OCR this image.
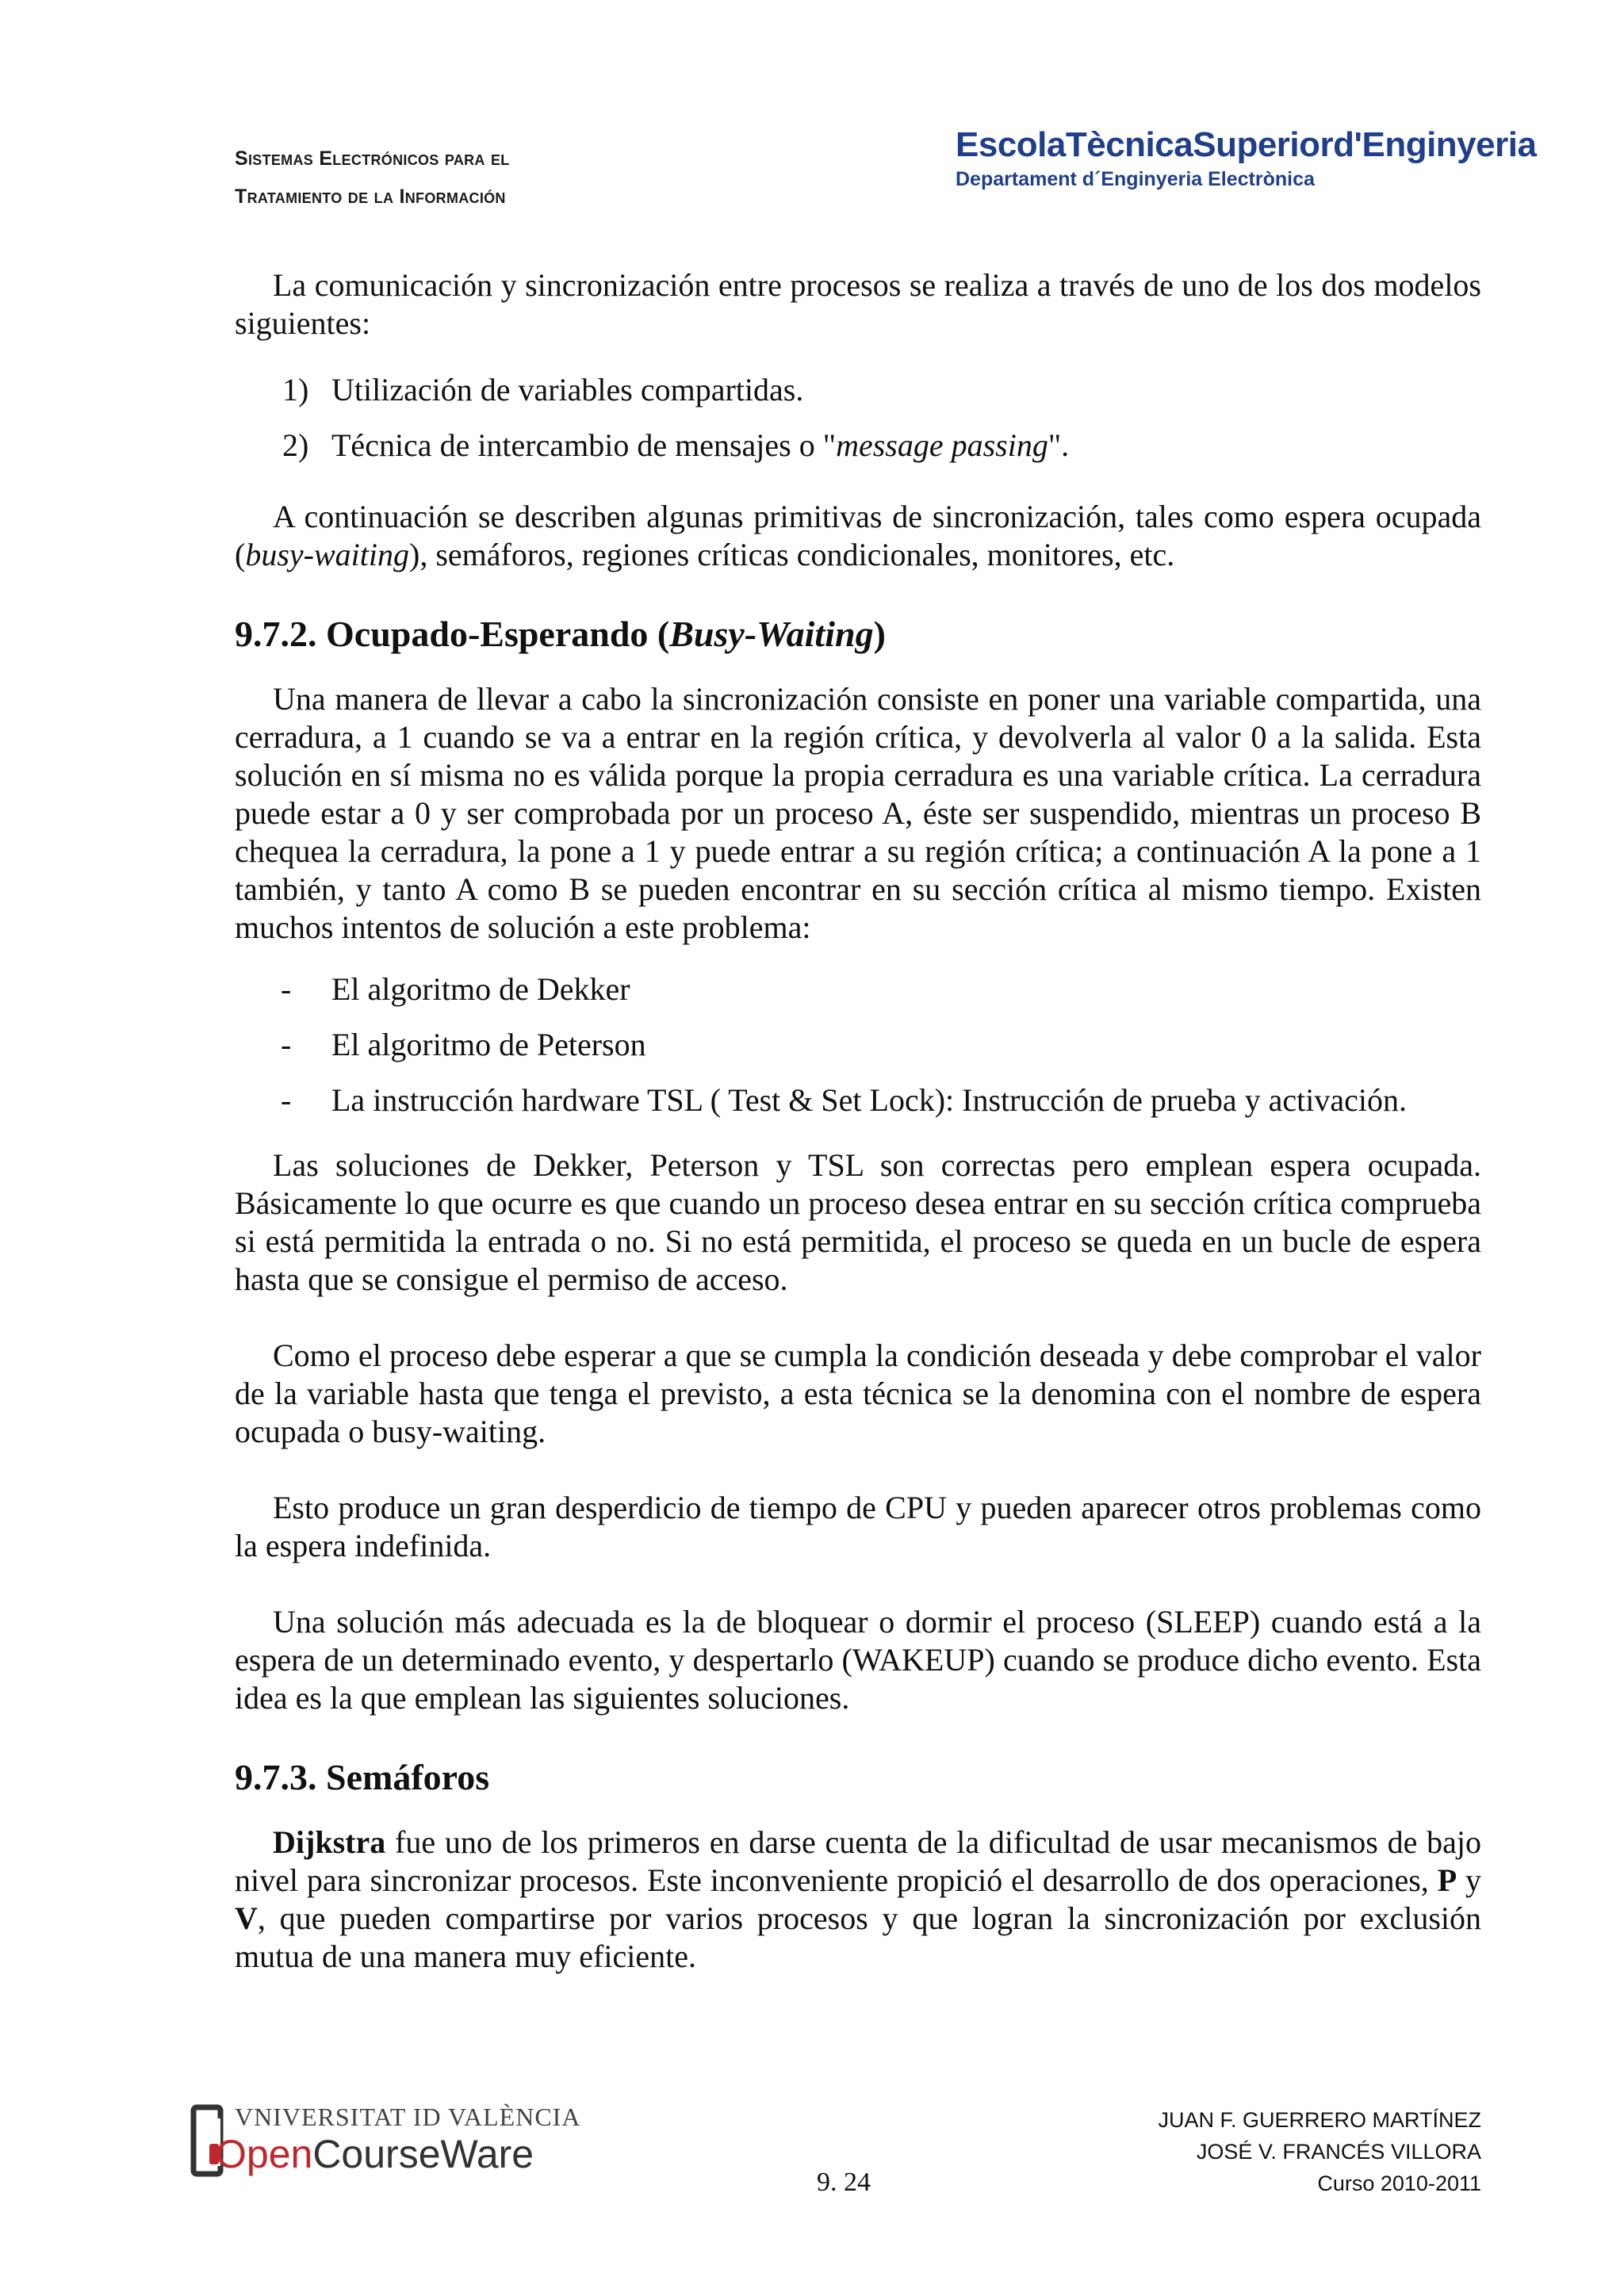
Sistemas Electrónicos para el
Tratamiento de la Información
EscolaTècnicaSuperiord'Enginyeria
Departament d´Enginyeria Electrònica

La comunicación y sincronización entre procesos se realiza a través de uno de los dos modelos siguientes:

1) Utilización de variables compartidas.
2) Técnica de intercambio de mensajes o "message passing".

A continuación se describen algunas primitivas de sincronización, tales como espera ocupada (busy-waiting), semáforos, regiones críticas condicionales, monitores, etc.

9.7.2. Ocupado-Esperando (Busy-Waiting)

Una manera de llevar a cabo la sincronización consiste en poner una variable compartida, una cerradura, a 1 cuando se va a entrar en la región crítica, y devolverla al valor 0 a la salida. Esta solución en sí misma no es válida porque la propia cerradura es una variable crítica. La cerradura puede estar a 0 y ser comprobada por un proceso A, éste ser suspendido, mientras un proceso B chequea la cerradura, la pone a 1 y puede entrar a su región crítica; a continuación A la pone a 1 también, y tanto A como B se pueden encontrar en su sección crítica al mismo tiempo. Existen muchos intentos de solución a este problema:

- El algoritmo de Dekker
- El algoritmo de Peterson
- La instrucción hardware TSL ( Test & Set Lock): Instrucción de prueba y activación.

Las soluciones de Dekker, Peterson y TSL son correctas pero emplean espera ocupada. Básicamente lo que ocurre es que cuando un proceso desea entrar en su sección crítica comprueba si está permitida la entrada o no. Si no está permitida, el proceso se queda en un bucle de espera hasta que se consigue el permiso de acceso.

Como el proceso debe esperar a que se cumpla la condición deseada y debe comprobar el valor de la variable hasta que tenga el previsto, a esta técnica se la denomina con el nombre de espera ocupada o busy-waiting.

Esto produce un gran desperdicio de tiempo de CPU y pueden aparecer otros problemas como la espera indefinida.

Una solución más adecuada es la de bloquear o dormir el proceso (SLEEP) cuando está a la espera de un determinado evento, y despertarlo (WAKEUP) cuando se produce dicho evento. Esta idea es la que emplean las siguientes soluciones.

9.7.3. Semáforos

Dijkstra fue uno de los primeros en darse cuenta de la dificultad de usar mecanismos de bajo nivel para sincronizar procesos. Este inconveniente propició el desarrollo de dos operaciones, P y V, que pueden compartirse por varios procesos y que logran la sincronización por exclusión mutua de una manera muy eficiente.

VNIVERSITAT ID VALÈNCIA
OpenCourseWare
9. 24
JUAN F. GUERRERO MARTÍNEZ
JOSÉ V. FRANCÉS VILLORA
Curso 2010-2011
